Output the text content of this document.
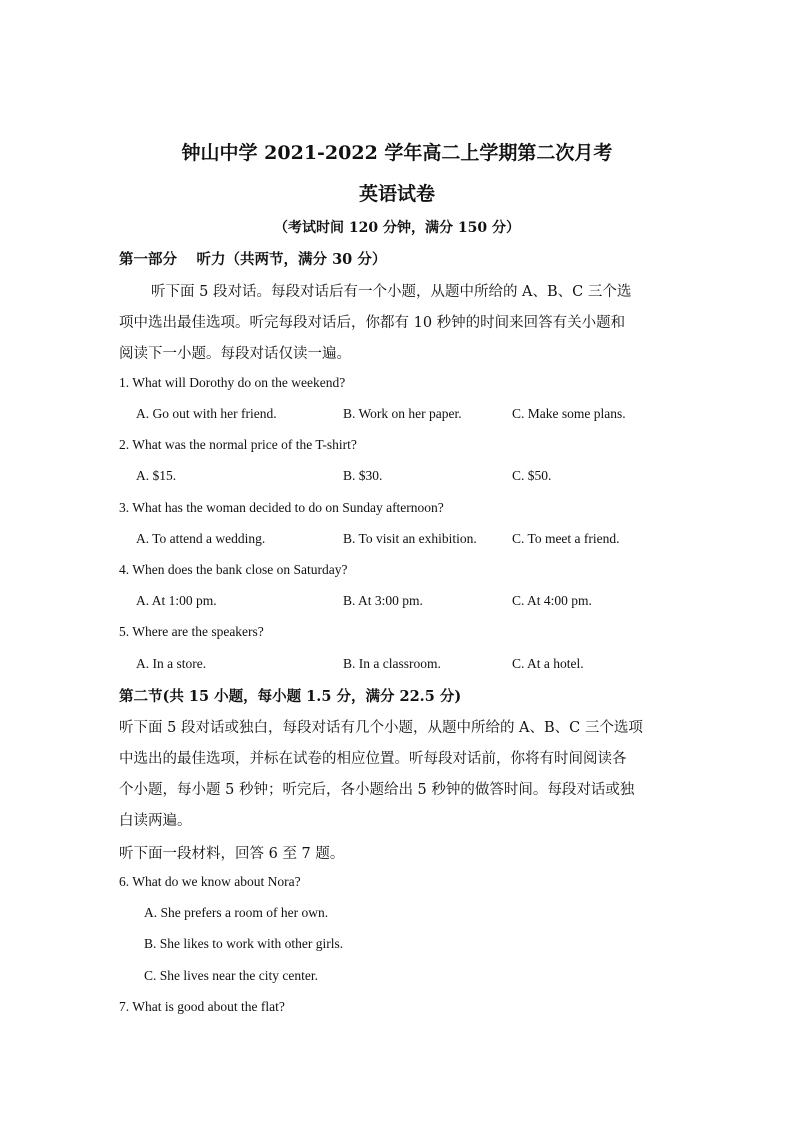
钟山中学 2021-2022 学年高二上学期第二次月考
英语试卷
（考试时间 120 分钟，满分 150 分）
第一部分　 听力（共两节，满分 30 分）
听下面 5 段对话。每段对话后有一个小题，从题中所给的 A、B、C 三个选
项中选出最佳选项。听完每段对话后，你都有 10 秒钟的时间来回答有关小题和
阅读下一小题。每段对话仅读一遍。
1. What will Dorothy do on the weekend?
A. Go out with her friend.	B. Work on her paper.	C. Make some plans.
2. What was the normal price of the T-shirt?
A. $15.	B. $30.	C. $50.
3. What has the woman decided to do on Sunday afternoon?
A. To attend a wedding.	B. To visit an exhibition.	C. To meet a friend.
4. When does the bank close on Saturday?
A. At 1:00 pm.	B. At 3:00 pm.	C. At 4:00 pm.
5. Where are the speakers?
A. In a store.	B. In a classroom.	C. At a hotel.
第二节(共 15 小题，每小题 1.5 分，满分 22.5 分)
听下面 5 段对话或独白，每段对话有几个小题，从题中所给的 A、B、C 三个选项
中选出的最佳选项，并标在试卷的相应位置。听每段对话前，你将有时间阅读各
个小题，每小题 5 秒钟；听完后，各小题给出 5 秒钟的做答时间。每段对话或独
白读两遍。
听下面一段材料，回答 6 至 7 题。
6. What do we know about Nora?
A. She prefers a room of her own.
B. She likes to work with other girls.
C. She lives near the city center.
7. What is good about the flat?
